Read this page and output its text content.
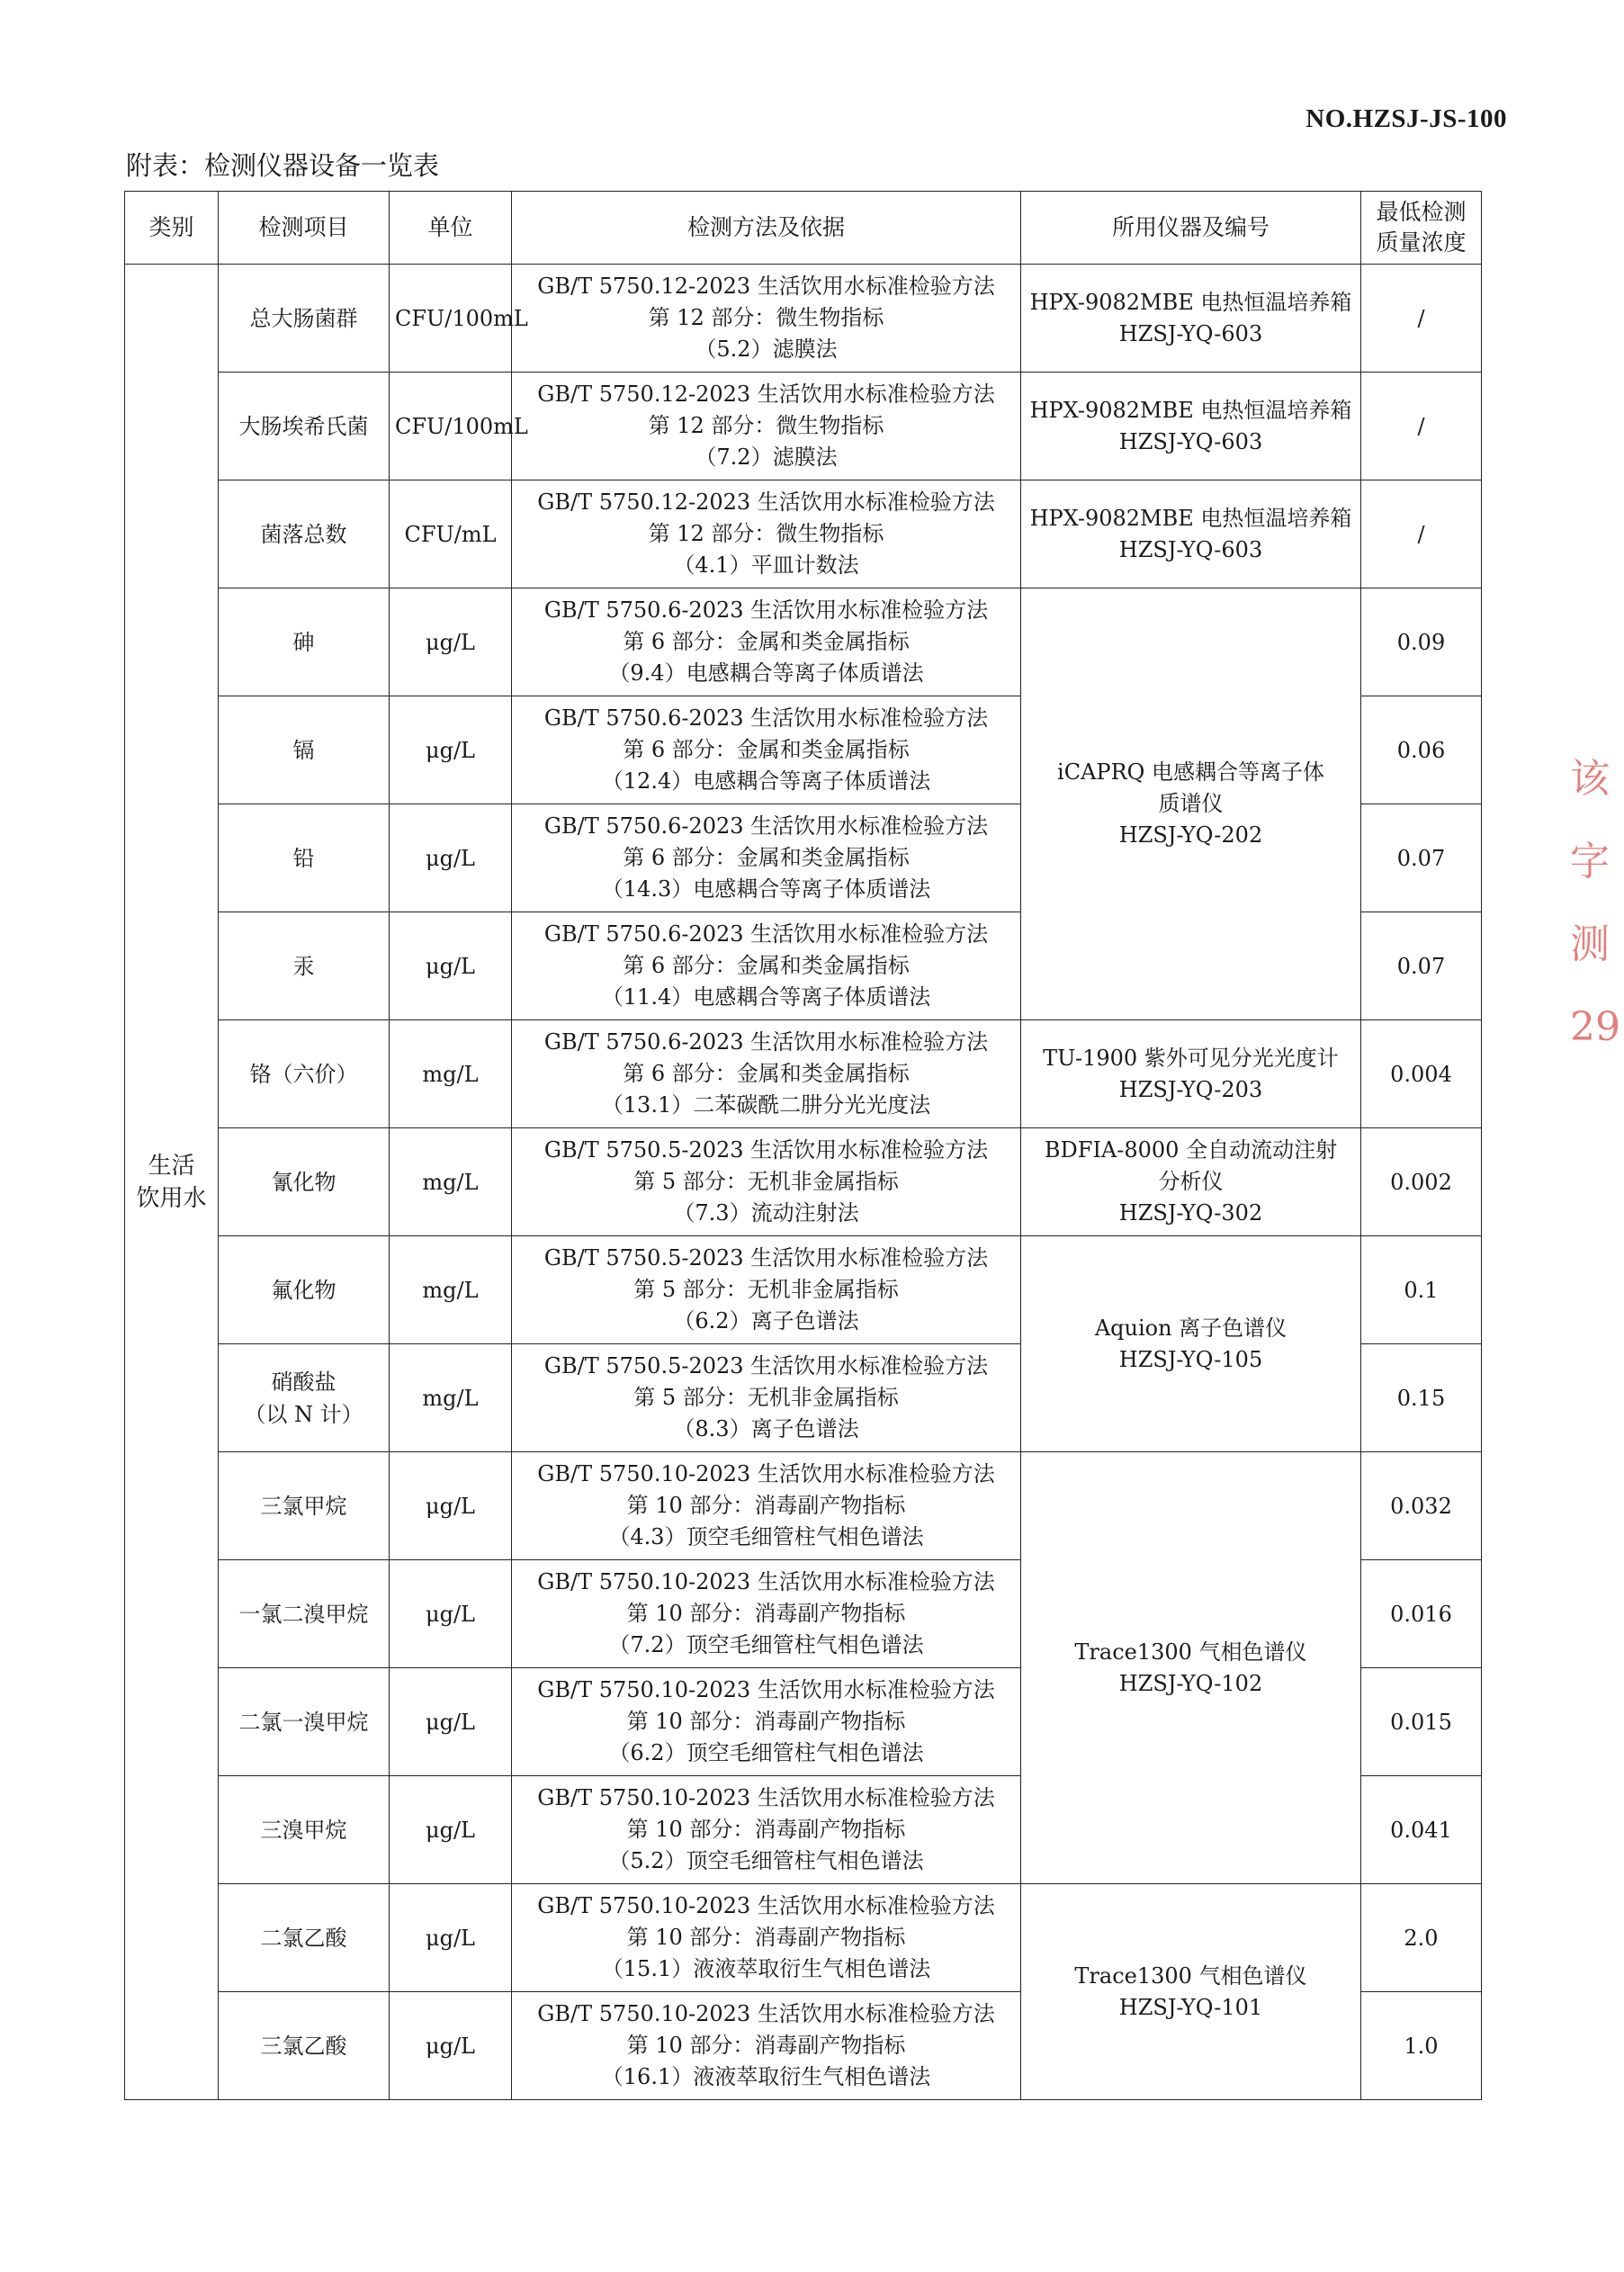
NO.HZSJ-JS-100
附表：检测仪器设备一览表
类别	检测项目	单位	检测方法及依据	所用仪器及编号	最低检测
质量浓度
生活
饮用水	总大肠菌群	CFU/100mL	GB/T 5750.12-2023 生活饮用水标准检验方法
第 12 部分：微生物指标
（5.2）滤膜法	HPX-9082MBE 电热恒温培养箱
HZSJ-YQ-603	/
	大肠埃希氏菌	CFU/100mL	GB/T 5750.12-2023 生活饮用水标准检验方法
第 12 部分：微生物指标
（7.2）滤膜法	HPX-9082MBE 电热恒温培养箱
HZSJ-YQ-603	/
	菌落总数	CFU/mL	GB/T 5750.12-2023 生活饮用水标准检验方法
第 12 部分：微生物指标
（4.1）平皿计数法	HPX-9082MBE 电热恒温培养箱
HZSJ-YQ-603	/
	砷	μg/L	GB/T 5750.6-2023 生活饮用水标准检验方法
第 6 部分：金属和类金属指标
（9.4）电感耦合等离子体质谱法	iCAPRQ 电感耦合等离子体
质谱仪
HZSJ-YQ-202	0.09
	镉	μg/L	GB/T 5750.6-2023 生活饮用水标准检验方法
第 6 部分：金属和类金属指标
（12.4）电感耦合等离子体质谱法		0.06
	铅	μg/L	GB/T 5750.6-2023 生活饮用水标准检验方法
第 6 部分：金属和类金属指标
（14.3）电感耦合等离子体质谱法		0.07
	汞	μg/L	GB/T 5750.6-2023 生活饮用水标准检验方法
第 6 部分：金属和类金属指标
（11.4）电感耦合等离子体质谱法		0.07
	铬（六价）	mg/L	GB/T 5750.6-2023 生活饮用水标准检验方法
第 6 部分：金属和类金属指标
（13.1）二苯碳酰二肼分光光度法	TU-1900 紫外可见分光光度计
HZSJ-YQ-203	0.004
	氰化物	mg/L	GB/T 5750.5-2023 生活饮用水标准检验方法
第 5 部分：无机非金属指标
（7.3）流动注射法	BDFIA-8000 全自动流动注射
分析仪
HZSJ-YQ-302	0.002
	氟化物	mg/L	GB/T 5750.5-2023 生活饮用水标准检验方法
第 5 部分：无机非金属指标
（6.2）离子色谱法	Aquion 离子色谱仪
HZSJ-YQ-105	0.1
	硝酸盐
（以 N 计）	mg/L	GB/T 5750.5-2023 生活饮用水标准检验方法
第 5 部分：无机非金属指标
（8.3）离子色谱法		0.15
	三氯甲烷	μg/L	GB/T 5750.10-2023 生活饮用水标准检验方法
第 10 部分：消毒副产物指标
（4.3）顶空毛细管柱气相色谱法	Trace1300 气相色谱仪
HZSJ-YQ-102	0.032
	一氯二溴甲烷	μg/L	GB/T 5750.10-2023 生活饮用水标准检验方法
第 10 部分：消毒副产物指标
（7.2）顶空毛细管柱气相色谱法		0.016
	二氯一溴甲烷	μg/L	GB/T 5750.10-2023 生活饮用水标准检验方法
第 10 部分：消毒副产物指标
（6.2）顶空毛细管柱气相色谱法		0.015
	三溴甲烷	μg/L	GB/T 5750.10-2023 生活饮用水标准检验方法
第 10 部分：消毒副产物指标
（5.2）顶空毛细管柱气相色谱法		0.041
	二氯乙酸	μg/L	GB/T 5750.10-2023 生活饮用水标准检验方法
第 10 部分：消毒副产物指标
（15.1）液液萃取衍生气相色谱法	Trace1300 气相色谱仪
HZSJ-YQ-101	2.0
	三氯乙酸	μg/L	GB/T 5750.10-2023 生活饮用水标准检验方法
第 10 部分：消毒副产物指标
（16.1）液液萃取衍生气相色谱法		1.0
该
字
测
29
